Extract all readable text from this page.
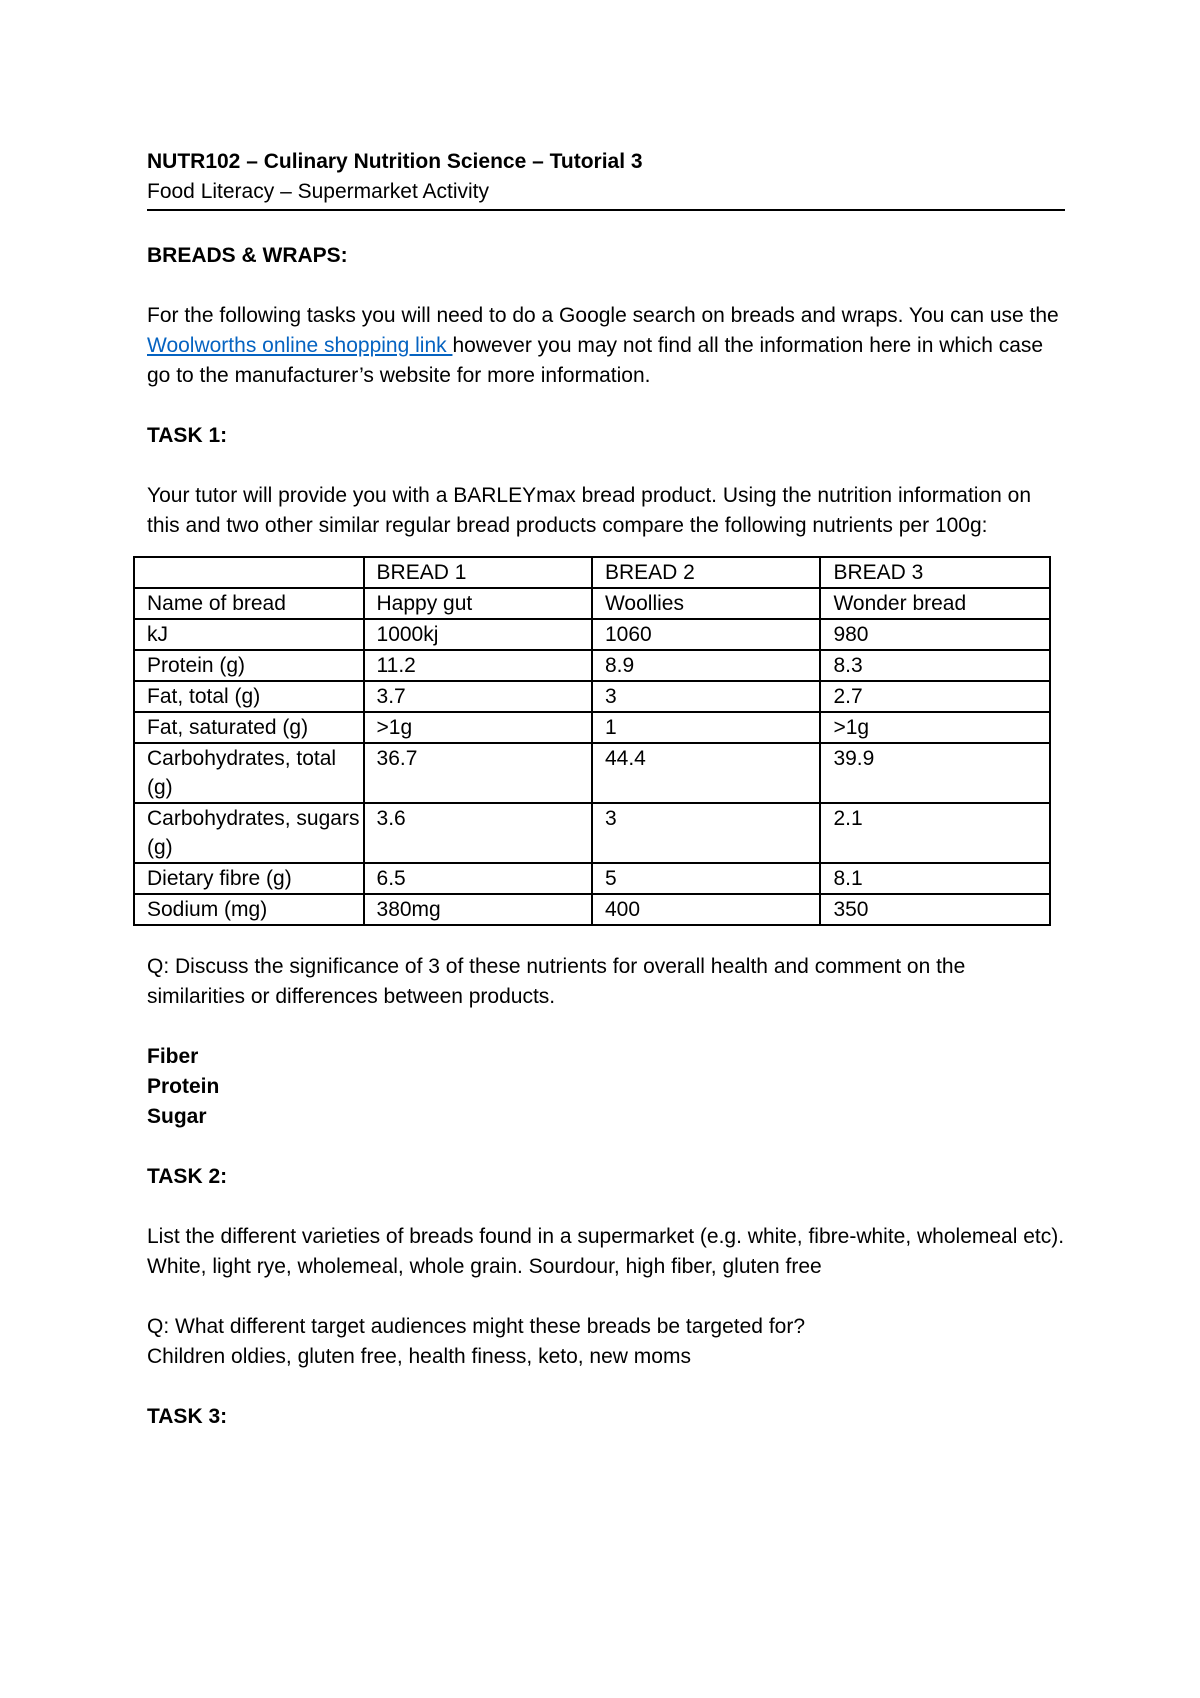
NUTR102 – Culinary Nutrition Science – Tutorial 3

Food Literacy – Supermarket Activity

BREADS & WRAPS:

For the following tasks you will need to do a Google search on breads and wraps. You can use the Woolworths online shopping link however you may not find all the information here in which case go to the manufacturer’s website for more information.

TASK 1:

Your tutor will provide you with a BARLEYmax bread product. Using the nutrition information on this and two other similar regular bread products compare the following nutrients per 100g:

	BREAD 1	BREAD 2	BREAD 3
Name of bread	Happy gut	Woollies	Wonder bread
kJ	1000kj	1060	980
Protein (g)	11.2	8.9	8.3
Fat, total (g)	3.7	3	2.7
Fat, saturated (g)	>1g	1	>1g
Carbohydrates, total (g)	36.7	44.4	39.9
Carbohydrates, sugars (g)	3.6	3	2.1
Dietary fibre (g)	6.5	5	8.1
Sodium (mg)	380mg	400	350

Q: Discuss the significance of 3 of these nutrients for overall health and comment on the similarities or differences between products.

Fiber

Protein

Sugar

TASK 2:

List the different varieties of breads found in a supermarket (e.g. white, fibre-white, wholemeal etc).

White, light rye, wholemeal, whole grain. Sourdour, high fiber, gluten free

Q: What different target audiences might these breads be targeted for?

Children oldies, gluten free, health finess, keto, new moms

TASK 3:
